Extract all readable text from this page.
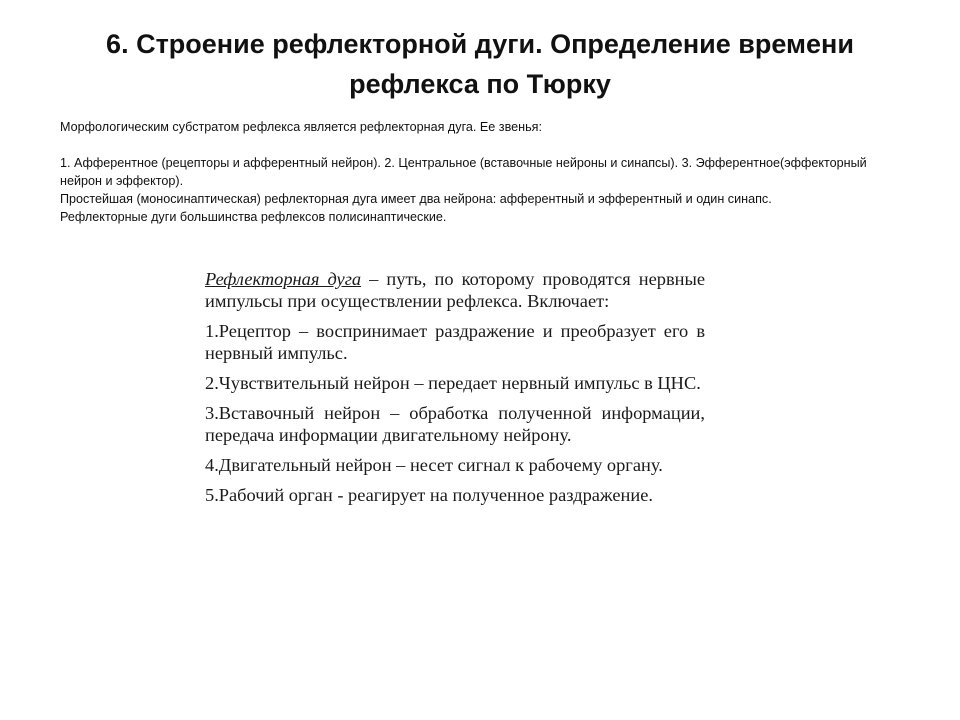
6. Строение рефлекторной дуги. Определение времени рефлекса по Тюрку

Морфологическим субстратом рефлекса является рефлекторная дуга. Ее звенья:

1. Афферентное (рецепторы и афферентный нейрон). 2. Центральное (вставочные нейроны и синапсы). 3. Эфферентное(эффекторный нейрон и эффектор).

Простейшая (моносинаптическая) рефлекторная дуга имеет два нейрона: афферентный и эфферентный и один синапс.

Рефлекторные дуги большинства рефлексов полисинаптические.

Рефлекторная дуга – путь, по которому проводятся нервные импульсы при осуществлении рефлекса. Включает:

1.Рецептор – воспринимает раздражение и преобразует его в нервный импульс.

2.Чувствительный нейрон – передает нервный импульс в ЦНС.

3.Вставочный нейрон – обработка полученной информации, передача информации двигательному нейрону.

4.Двигательный нейрон – несет сигнал к рабочему органу.

5.Рабочий орган - реагирует на полученное раздражение.
